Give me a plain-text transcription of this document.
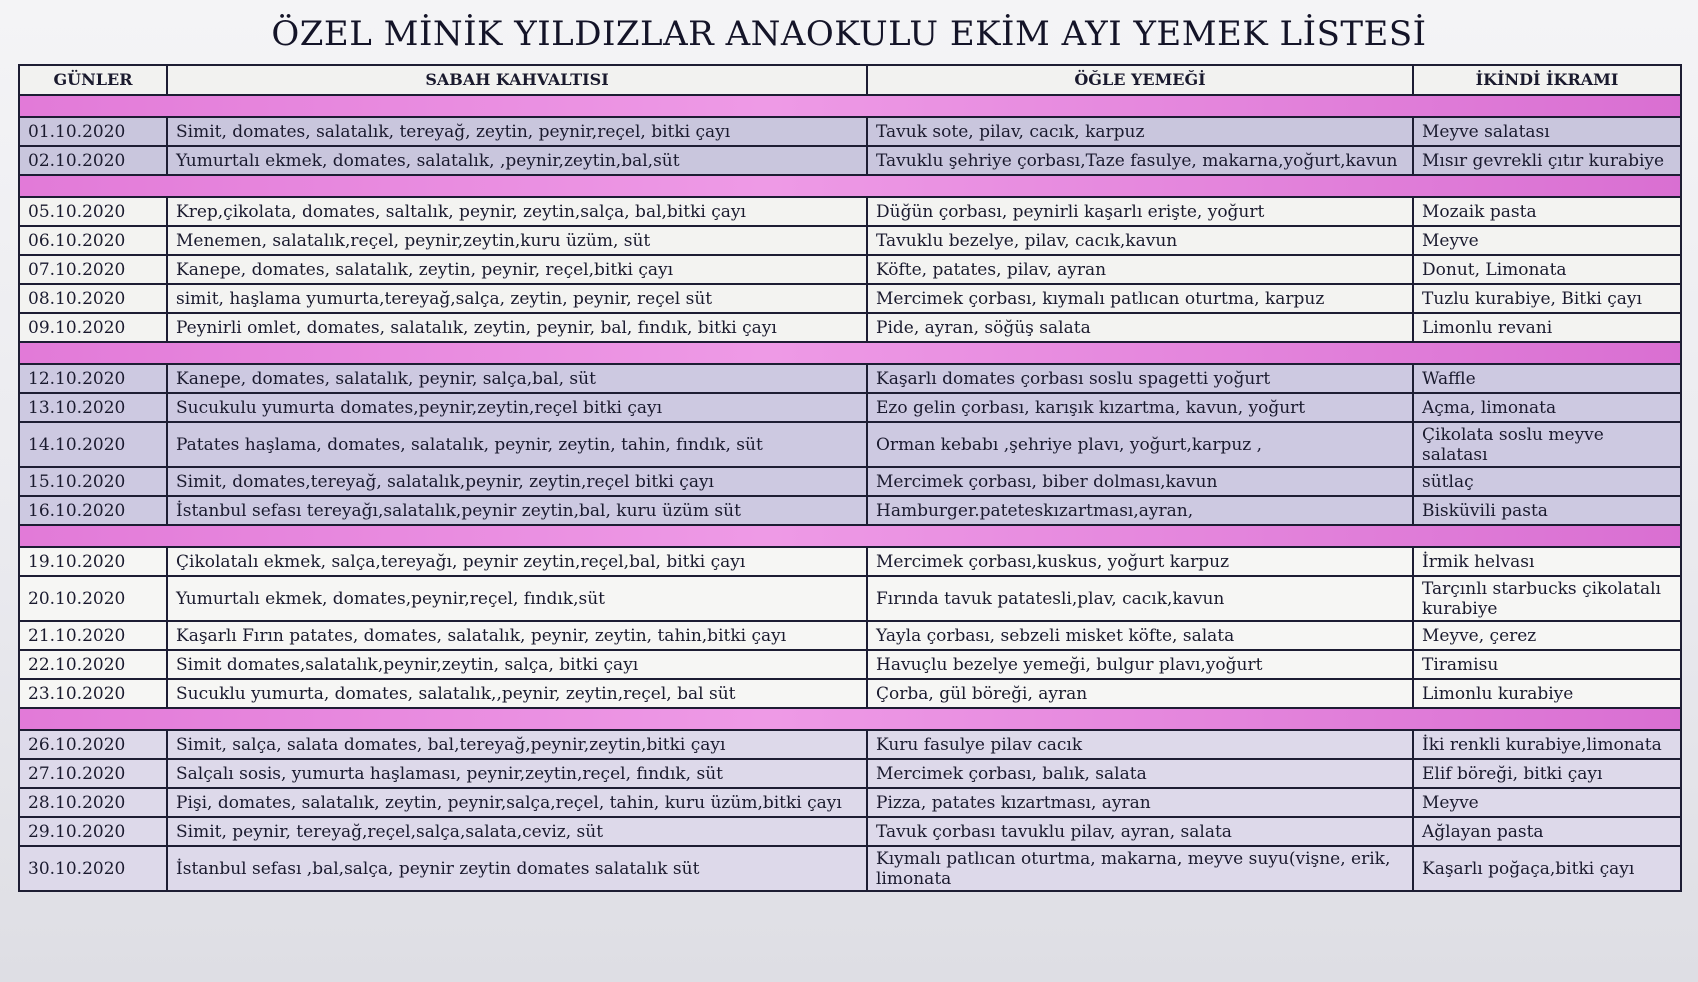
ÖZEL MİNİK YILDIZLAR ANAOKULU EKİM AYI YEMEK LİSTESİ
GÜNLER	SABAH KAHVALTISI	ÖĞLE YEMEĞİ	İKİNDİ İKRAMI

01.10.2020	Simit, domates, salatalık, tereyağ, zeytin, peynir,reçel, bitki çayı	Tavuk sote, pilav, cacık, karpuz	Meyve salatası
02.10.2020	Yumurtalı ekmek, domates, salatalık, ,peynir,zeytin,bal,süt	Tavuklu şehriye çorbası,Taze fasulye, makarna,yoğurt,kavun	Mısır gevrekli çıtır kurabiye

05.10.2020	Krep,çikolata, domates, saltalık, peynir, zeytin,salça, bal,bitki çayı	Düğün çorbası, peynirli kaşarlı erişte, yoğurt	Mozaik pasta
06.10.2020	Menemen, salatalık,reçel, peynir,zeytin,kuru üzüm, süt	Tavuklu bezelye, pilav, cacık,kavun	Meyve
07.10.2020	Kanepe, domates, salatalık, zeytin, peynir, reçel,bitki çayı	Köfte, patates, pilav, ayran	Donut, Limonata
08.10.2020	simit, haşlama yumurta,tereyağ,salça, zeytin, peynir, reçel süt	Mercimek çorbası, kıymalı patlıcan oturtma, karpuz	Tuzlu kurabiye, Bitki çayı
09.10.2020	Peynirli omlet, domates, salatalık, zeytin, peynir, bal, fındık, bitki çayı	Pide, ayran, söğüş salata	Limonlu revani

12.10.2020	Kanepe, domates, salatalık, peynir, salça,bal, süt	Kaşarlı domates çorbası soslu spagetti yoğurt	Waffle
13.10.2020	Sucukulu yumurta domates,peynir,zeytin,reçel bitki çayı	Ezo gelin çorbası, karışık kızartma, kavun, yoğurt	Açma, limonata
14.10.2020	Patates haşlama, domates, salatalık, peynir, zeytin, tahin, fındık, süt	Orman kebabı ,şehriye plavı, yoğurt,karpuz ,	Çikolata soslu meyve salatası
15.10.2020	Simit, domates,tereyağ, salatalık,peynir, zeytin,reçel bitki çayı	Mercimek çorbası, biber dolması,kavun	sütlaç
16.10.2020	İstanbul sefası tereyağı,salatalık,peynir zeytin,bal, kuru üzüm süt	Hamburger.pateteskızartması,ayran,	Bisküvili pasta

19.10.2020	Çikolatalı ekmek, salça,tereyağı, peynir zeytin,reçel,bal, bitki çayı	Mercimek çorbası,kuskus, yoğurt karpuz	İrmik helvası
20.10.2020	Yumurtalı ekmek, domates,peynir,reçel, fındık,süt	Fırında tavuk patatesli,plav, cacık,kavun	Tarçınlı starbucks çikolatalı kurabiye
21.10.2020	Kaşarlı Fırın patates, domates, salatalık, peynir, zeytin, tahin,bitki çayı	Yayla çorbası, sebzeli misket köfte, salata	Meyve, çerez
22.10.2020	Simit domates,salatalık,peynir,zeytin, salça, bitki çayı	Havuçlu bezelye yemeği, bulgur plavı,yoğurt	Tiramisu
23.10.2020	Sucuklu yumurta, domates, salatalık,,peynir, zeytin,reçel, bal süt	Çorba, gül böreği, ayran	Limonlu kurabiye

26.10.2020	Simit, salça, salata domates, bal,tereyağ,peynir,zeytin,bitki çayı	Kuru fasulye pilav cacık	İki renkli kurabiye,limonata
27.10.2020	Salçalı sosis, yumurta haşlaması, peynir,zeytin,reçel, fındık, süt	Mercimek çorbası, balık, salata	Elif böreği, bitki çayı
28.10.2020	Pişi, domates, salatalık, zeytin, peynir,salça,reçel, tahin, kuru üzüm,bitki çayı	Pizza, patates kızartması, ayran	Meyve
29.10.2020	Simit, peynir, tereyağ,reçel,salça,salata,ceviz, süt	Tavuk çorbası tavuklu pilav, ayran, salata	Ağlayan pasta
30.10.2020	İstanbul sefası ,bal,salça, peynir zeytin domates salatalık süt	Kıymalı patlıcan oturtma, makarna, meyve suyu(vişne, erik, limonata	Kaşarlı poğaça,bitki çayı
